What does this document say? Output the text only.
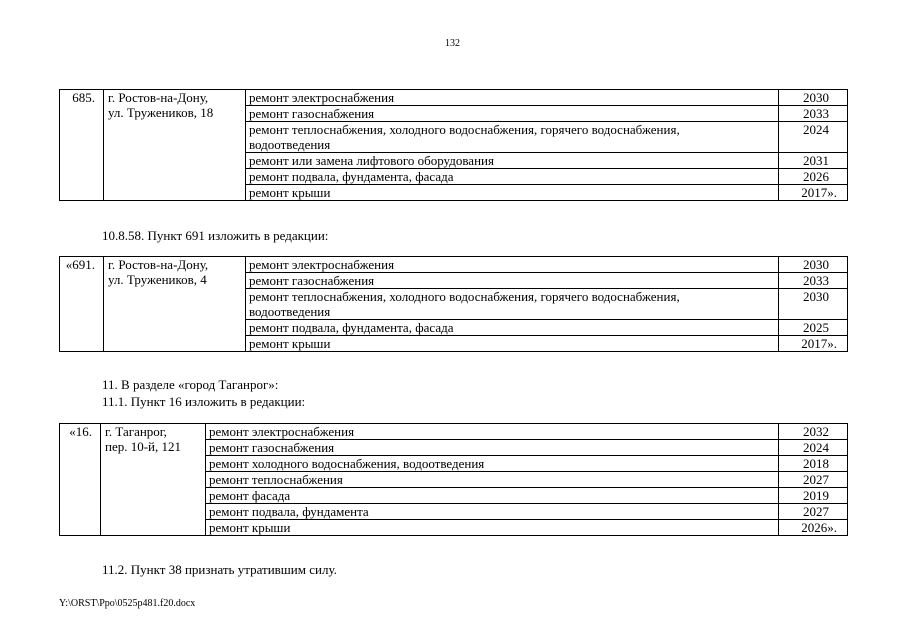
132
685.	г. Ростов-на-Дону,
ул. Тружеников, 18	ремонт электроснабжения	2030
		ремонт газоснабжения	2033
		ремонт теплоснабжения, холодного водоснабжения, горячего водоснабжения,
водоотведения	2024
		ремонт или замена лифтового оборудования	2031
		ремонт подвала, фундамента, фасада	2026
		ремонт крыши	2017».
10.8.58. Пункт 691 изложить в редакции:
«691.	г. Ростов-на-Дону,
ул. Тружеников, 4	ремонт электроснабжения	2030
		ремонт газоснабжения	2033
		ремонт теплоснабжения, холодного водоснабжения, горячего водоснабжения,
водоотведения	2030
		ремонт подвала, фундамента, фасада	2025
		ремонт крыши	2017».
11. В разделе «город Таганрог»:
11.1. Пункт 16 изложить в редакции:
«16.	г. Таганрог,
пер. 10-й, 121	ремонт электроснабжения	2032
		ремонт газоснабжения	2024
		ремонт холодного водоснабжения, водоотведения	2018
		ремонт теплоснабжения	2027
		ремонт фасада	2019
		ремонт подвала, фундамента	2027
		ремонт крыши	2026».
11.2. Пункт 38 признать утратившим силу.
Y:\ORST\Ppo\0525p481.f20.docx
